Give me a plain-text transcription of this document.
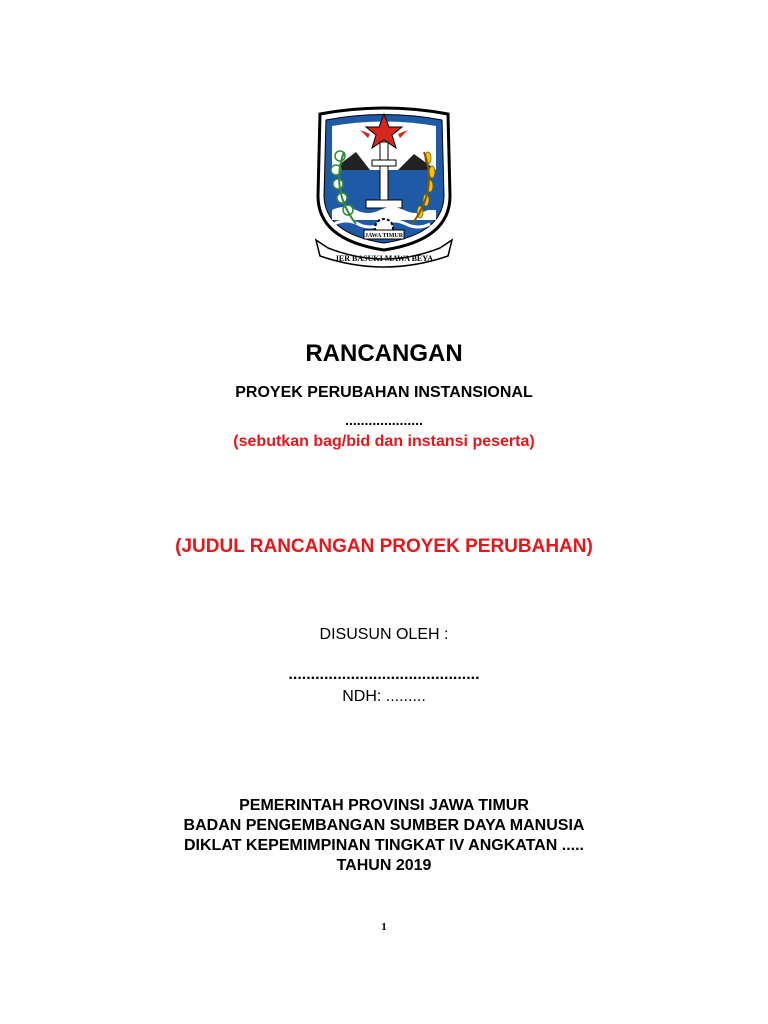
JAWA TIMUR
JER BASUKI MAWA BEYA
RANCANGAN
PROYEK PERUBAHAN INSTANSIONAL
....................
(sebutkan bag/bid dan instansi peserta)
(JUDUL RANCANGAN PROYEK PERUBAHAN)
DISUSUN OLEH :
...........................................
NDH: .........
PEMERINTAH PROVINSI JAWA TIMUR
BADAN PENGEMBANGAN SUMBER DAYA MANUSIA
DIKLAT KEPEMIMPINAN TINGKAT IV ANGKATAN .....
TAHUN 2019
1
